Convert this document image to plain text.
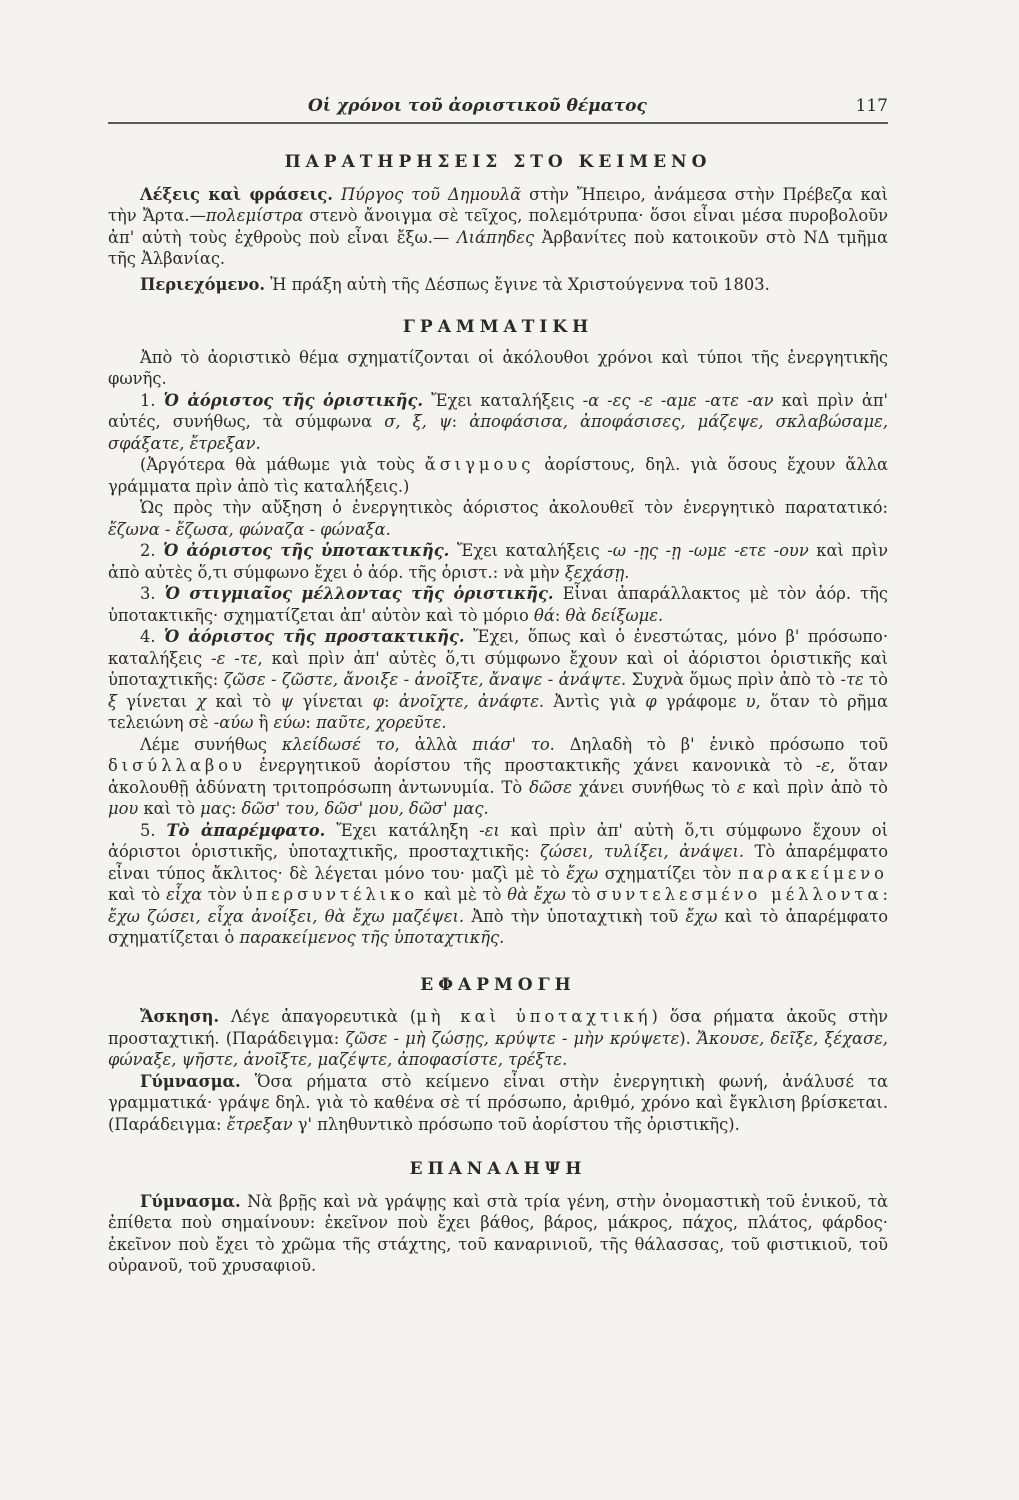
Οἱ χρόνοι τοῦ ἀοριστικοῦ θέματος	117
ΠΑΡΑΤΗΡΗΣΕΙΣ ΣΤΟ ΚΕΙΜΕΝΟ

Λέξεις καὶ φράσεις. Πύργος τοῦ Δημουλᾶ στὴν Ἤπειρο, ἀνάμεσα στὴν Πρέβεζα καὶ τὴν Ἄρτα.—πολεμίστρα στενὸ ἄνοιγμα σὲ τεῖχος, πολεμότρυπα· ὅσοι εἶναι μέσα πυροβολοῦν ἀπ' αὐτὴ τοὺς ἐχθροὺς ποὺ εἶναι ἔξω.— Λιάπηδες Ἀρβανίτες ποὺ κατοικοῦν στὸ ΝΔ τμῆμα τῆς Ἀλβανίας.

Περιεχόμενο. Ἡ πράξη αὐτὴ τῆς Δέσπως ἔγινε τὰ Χριστούγεννα τοῦ 1803.

ΓΡΑΜΜΑΤΙΚΗ

Ἀπὸ τὸ ἀοριστικὸ θέμα σχηματίζονται οἱ ἀκόλουθοι χρόνοι καὶ τύποι τῆς ἐνεργητικῆς φωνῆς.

1. Ὁ ἀόριστος τῆς ὁριστικῆς. Ἔχει καταλήξεις -α -ες -ε -αμε -ατε -αν καὶ πρὶν ἀπ' αὐτές, συνήθως, τὰ σύμφωνα σ, ξ, ψ: ἀποφάσισα, ἀποφάσισες, μάζεψε, σκλαβώσαμε, σφάξατε, ἔτρεξαν.

(Ἀργότερα θὰ μάθωμε γιὰ τοὺς ἄσιγμους ἀορίστους, δηλ. γιὰ ὅσους ἔχουν ἄλλα γράμματα πρὶν ἀπὸ τὶς καταλήξεις.)

Ὡς πρὸς τὴν αὔξηση ὁ ἐνεργητικὸς ἀόριστος ἀκολουθεῖ τὸν ἐνεργητικὸ παρατατικό: ἔζωνα - ἔζωσα, φώναζα - φώναξα.

2. Ὁ ἀόριστος τῆς ὑποτακτικῆς. Ἔχει καταλήξεις -ω -ῃς -ῃ -ωμε -ετε -ουν καὶ πρὶν ἀπὸ αὐτὲς ὅ,τι σύμφωνο ἔχει ὁ ἀόρ. τῆς ὁριστ.: νὰ μὴν ξεχάσῃ.

3. Ὁ στιγμιαῖος μέλλοντας τῆς ὁριστικῆς. Εἶναι ἀπαράλλακτος μὲ τὸν ἀόρ. τῆς ὑποτακτικῆς· σχηματίζεται ἀπ' αὐτὸν καὶ τὸ μόριο θά: θὰ δείξωμε.

4. Ὁ ἀόριστος τῆς προστακτικῆς. Ἔχει, ὅπως καὶ ὁ ἐνεστώτας, μόνο β' πρόσωπο· καταλήξεις -ε -τε, καὶ πρὶν ἀπ' αὐτὲς ὅ,τι σύμφωνο ἔχουν καὶ οἱ ἀόριστοι ὁριστικῆς καὶ ὑποταχτικῆς: ζῶσε - ζῶστε, ἄνοιξε - ἀνοῖξτε, ἄναψε - ἀνάψτε. Συχνὰ ὅμως πρὶν ἀπὸ τὸ -τε τὸ ξ γίνεται χ καὶ τὸ ψ γίνεται φ: ἀνοῖχτε, ἀνάφτε. Ἀντὶς γιὰ φ γράφομε υ, ὅταν τὸ ρῆμα τελειώνη σὲ -αύω ἢ εύω: παῦτε, χορεῦτε.

Λέμε συνήθως κλείδωσέ το, ἀλλὰ πιάσ' το. Δηλαδὴ τὸ β' ἑνικὸ πρόσωπο τοῦ δισύλλαβου ἐνεργητικοῦ ἀορίστου τῆς προστακτικῆς χάνει κανονικὰ τὸ -ε, ὅταν ἀκολουθῇ ἀδύνατη τριτοπρόσωπη ἀντωνυμία. Τὸ δῶσε χάνει συνήθως τὸ ε καὶ πρὶν ἀπὸ τὸ μου καὶ τὸ μας: δῶσ' του, δῶσ' μου, δῶσ' μας.

5. Τὸ ἀπαρέμφατο. Ἔχει κατάληξη -ει καὶ πρὶν ἀπ' αὐτὴ ὅ,τι σύμφωνο ἔχουν οἱ ἀόριστοι ὁριστικῆς, ὑποταχτικῆς, προσταχτικῆς: ζώσει, τυλίξει, ἀνάψει. Τὸ ἀπαρέμφατο εἶναι τύπος ἄκλιτος· δὲ λέγεται μόνο του· μαζὶ μὲ τὸ ἔχω σχηματίζει τὸν παρακείμενο καὶ τὸ εἶχα τὸν ὑπερσυντέλικο καὶ μὲ τὸ θὰ ἔχω τὸ συντελεσμένο μέλλοντα: ἔχω ζώσει, εἶχα ἀνοίξει, θὰ ἔχω μαζέψει. Ἀπὸ τὴν ὑποταχτικὴ τοῦ ἔχω καὶ τὸ ἀπαρέμφατο σχηματίζεται ὁ παρακείμενος τῆς ὑποταχτικῆς.

ΕΦΑΡΜΟΓΗ

Ἄσκηση. Λέγε ἀπαγορευτικὰ (μὴ καὶ ὑποταχτική) ὅσα ρήματα ἀκοῦς στὴν προσταχτική. (Παράδειγμα: ζῶσε - μὴ ζώσῃς, κρύψτε - μὴν κρύψετε). Ἄκουσε, δεῖξε, ξέχασε, φώναξε, ψῆστε, ἀνοῖξτε, μαζέψτε, ἀποφασίστε, τρέξτε.

Γύμνασμα. Ὅσα ρήματα στὸ κείμενο εἶναι στὴν ἐνεργητικὴ φωνή, ἀνάλυσέ τα γραμματικά· γράψε δηλ. γιὰ τὸ καθένα σὲ τί πρόσωπο, ἀριθμό, χρόνο καὶ ἔγκλιση βρίσκεται. (Παράδειγμα: ἔτρεξαν γ' πληθυντικὸ πρόσωπο τοῦ ἀορίστου τῆς ὁριστικῆς).

ΕΠΑΝΑΛΗΨΗ

Γύμνασμα. Νὰ βρῇς καὶ νὰ γράψῃς καὶ στὰ τρία γένη, στὴν ὀνομαστικὴ τοῦ ἑνικοῦ, τὰ ἐπίθετα ποὺ σημαίνουν: ἐκεῖνον ποὺ ἔχει βάθος, βάρος, μάκρος, πάχος, πλάτος, φάρδος· ἐκεῖνον ποὺ ἔχει τὸ χρῶμα τῆς στάχτης, τοῦ καναρινιοῦ, τῆς θάλασσας, τοῦ φιστικιοῦ, τοῦ οὐρανοῦ, τοῦ χρυσαφιοῦ.
